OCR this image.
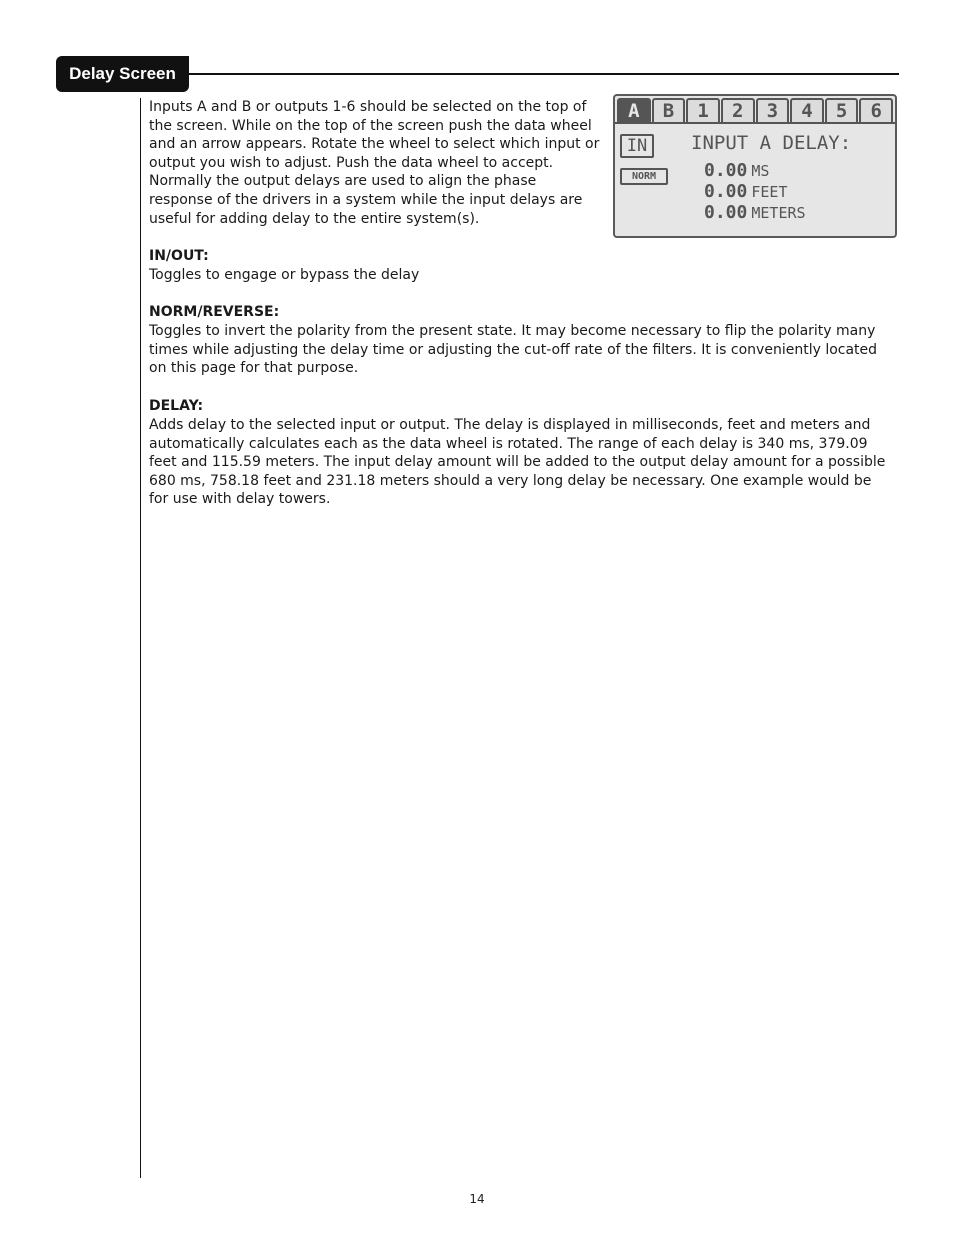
Delay Screen

Inputs A and B or outputs 1-6 should be selected on the top of the screen. While on the top of the screen push the data wheel and an arrow appears. Rotate the wheel to select which input or output you wish to adjust. Push the data wheel to accept. Normally the output delays are used to align the phase response of the drivers in a system while the input delays are useful for adding delay to the entire system(s).

A	B	1	2	3	4	5	6
IN
NORM
INPUT A DELAY:
0.00 MS
0.00 FEET
0.00 METERS

IN/OUT:

Toggles to engage or bypass the delay

NORM/REVERSE:

Toggles to invert the polarity from the present state. It may become necessary to flip the polarity many times while adjusting the delay time or adjusting the cut-off rate of the filters. It is conveniently located on this page for that purpose.

DELAY:

Adds delay to the selected input or output. The delay is displayed in milliseconds, feet and meters and automatically calculates each as the data wheel is rotated. The range of each delay is 340 ms, 379.09 feet and 115.59 meters. The input delay amount will be added to the output delay amount for a possible 680 ms, 758.18 feet and 231.18 meters should a very long delay be necessary. One example would be for use with delay towers.

14
